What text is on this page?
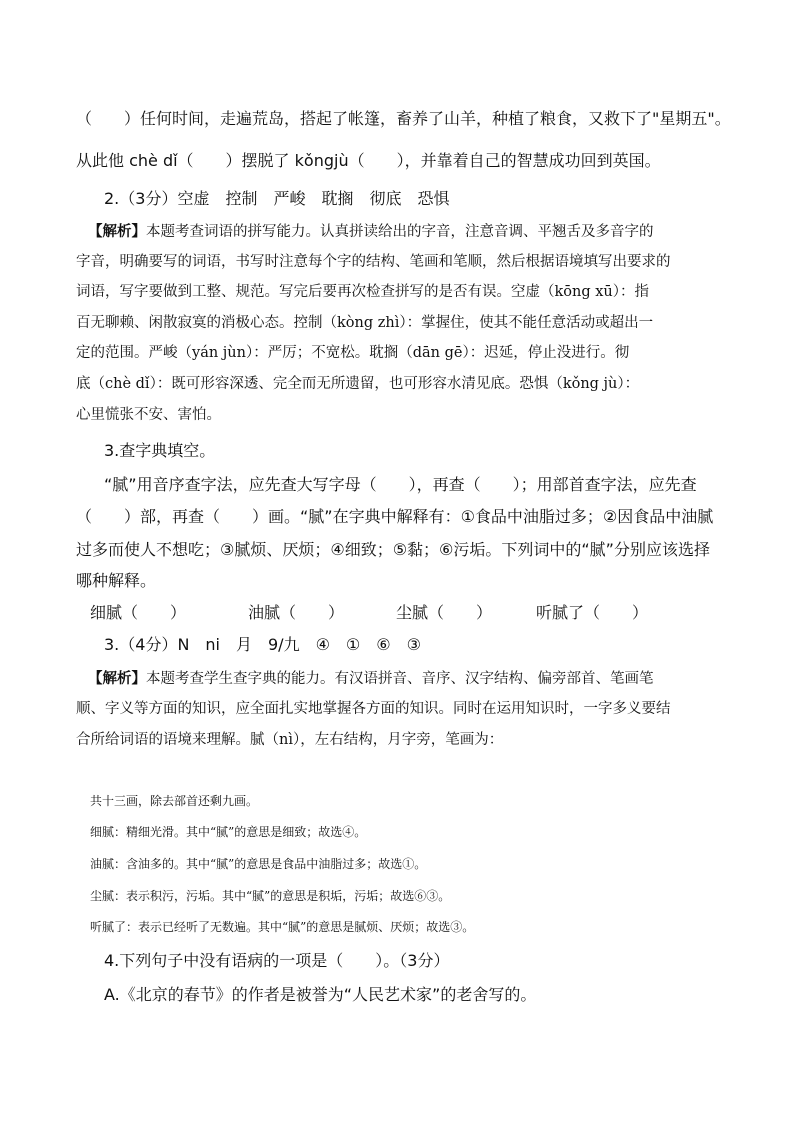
（　　）任何时间，走遍荒岛，搭起了帐篷，畜养了山羊，种植了粮食，又救下了"星期五"。
从此他 chè dǐ（　　）摆脱了 kǒngjù（　　），并靠着自己的智慧成功回到英国。
2.（3分）空虚　控制　严峻　耽搁　彻底　恐惧
【解析】本题考查词语的拼写能力。认真拼读给出的字音，注意音调、平翘舌及多音字的
字音，明确要写的词语，书写时注意每个字的结构、笔画和笔顺，然后根据语境填写出要求的
词语，写字要做到工整、规范。写完后要再次检查拼写的是否有误。空虚（kōng xū）：指
百无聊赖、闲散寂寞的消极心态。控制（kòng zhì）：掌握住，使其不能任意活动或超出一
定的范围。严峻（yán jùn）：严厉；不宽松。耽搁（dān gē）：迟延，停止没进行。彻
底（chè dǐ）：既可形容深透、完全而无所遗留，也可形容水清见底。恐惧（kǒng jù）：
心里慌张不安、害怕。
3.查字典填空。
“腻”用音序查字法，应先查大写字母（　　），再查（　　）；用部首查字法，应先查
（　　）部，再查（　　）画。“腻”在字典中解释有：①食品中油脂过多；②因食品中油腻
过多而使人不想吃；③腻烦、厌烦；④细致；⑤黏；⑥污垢。下列词中的“腻”分别应该选择
哪种解释。
细腻（　　）	油腻（　　）	尘腻（　　）	听腻了（　　）
3.（4分）N　ni　月　9/九　④　①　⑥　③
【解析】本题考查学生查字典的能力。有汉语拼音、音序、汉字结构、偏旁部首、笔画笔
顺、字义等方面的知识，应全面扎实地掌握各方面的知识。同时在运用知识时，一字多义要结
合所给词语的语境来理解。腻（nì），左右结构，月字旁，笔画为：
共十三画，除去部首还剩九画。
细腻：精细光滑。其中“腻”的意思是细致；故选④。
油腻：含油多的。其中“腻”的意思是食品中油脂过多；故选①。
尘腻：表示积污，污垢。其中“腻”的意思是积垢，污垢；故选⑥③。
听腻了：表示已经听了无数遍。其中“腻”的意思是腻烦、厌烦；故选③。
4.下列句子中没有语病的一项是（　　）。（3分）
A.《北京的春节》的作者是被誉为“人民艺术家”的老舍写的。
